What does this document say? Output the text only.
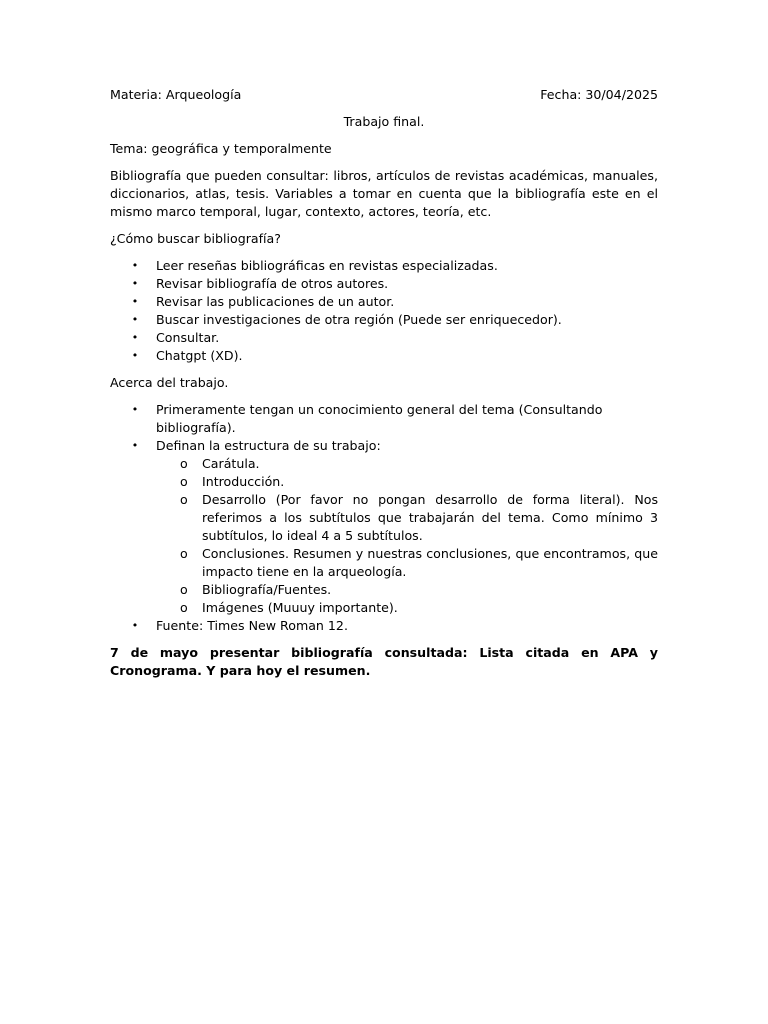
Materia: Arqueología	Fecha: 30/04/2025
Trabajo final.

Tema: geográfica y temporalmente

Bibliografía que pueden consultar: libros, artículos de revistas académicas, manuales, diccionarios, atlas, tesis. Variables a tomar en cuenta que la bibliografía este en el mismo marco temporal, lugar, contexto, actores, teoría, etc.

¿Cómo buscar bibliografía?

• Leer reseñas bibliográficas en revistas especializadas.
• Revisar bibliografía de otros autores.
• Revisar las publicaciones de un autor.
• Buscar investigaciones de otra región (Puede ser enriquecedor).
• Consultar.
• Chatgpt (XD).

Acerca del trabajo.

• Primeramente tengan un conocimiento general del tema (Consultando bibliografía).
• Definan la estructura de su trabajo:
o Carátula.
o Introducción.
o Desarrollo (Por favor no pongan desarrollo de forma literal). Nos referimos a los subtítulos que trabajarán del tema. Como mínimo 3 subtítulos, lo ideal 4 a 5 subtítulos.
o Conclusiones. Resumen y nuestras conclusiones, que encontramos, que impacto tiene en la arqueología.
o Bibliografía/Fuentes.
o Imágenes (Muuuy importante).
• Fuente: Times New Roman 12.

7 de mayo presentar bibliografía consultada: Lista citada en APA y Cronograma. Y para hoy el resumen.
